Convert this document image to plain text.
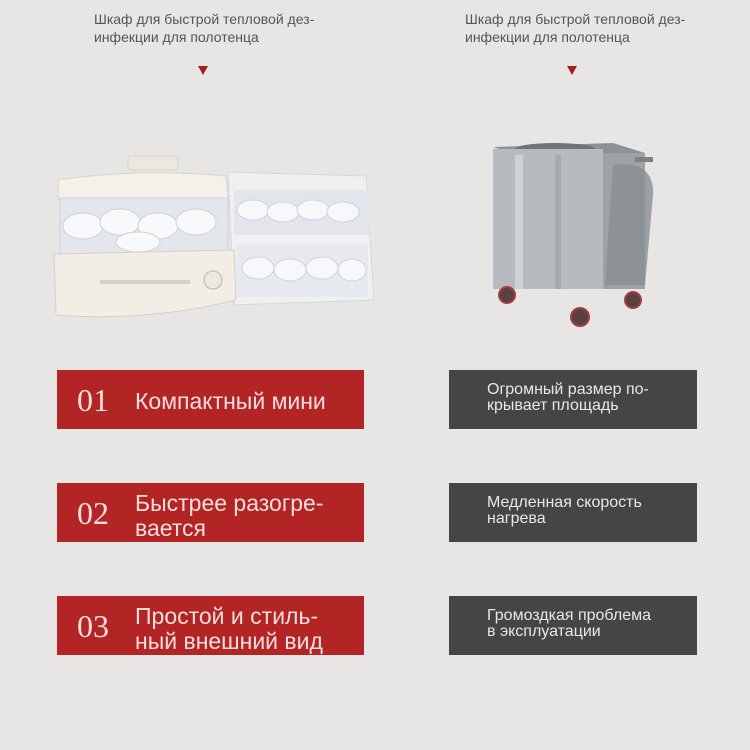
Шкаф для быстрой тепловой дез-
инфекции для полотенца
Шкаф для быстрой тепловой дез-
инфекции для полотенца
01 Компактный мини
02 Быстрее разогре-
вается
03 Простой и стиль-
ный внешний вид
Огромный размер по-
крывает площадь
Медленная скорость
нагрева
Громоздкая проблема
в эксплуатации
